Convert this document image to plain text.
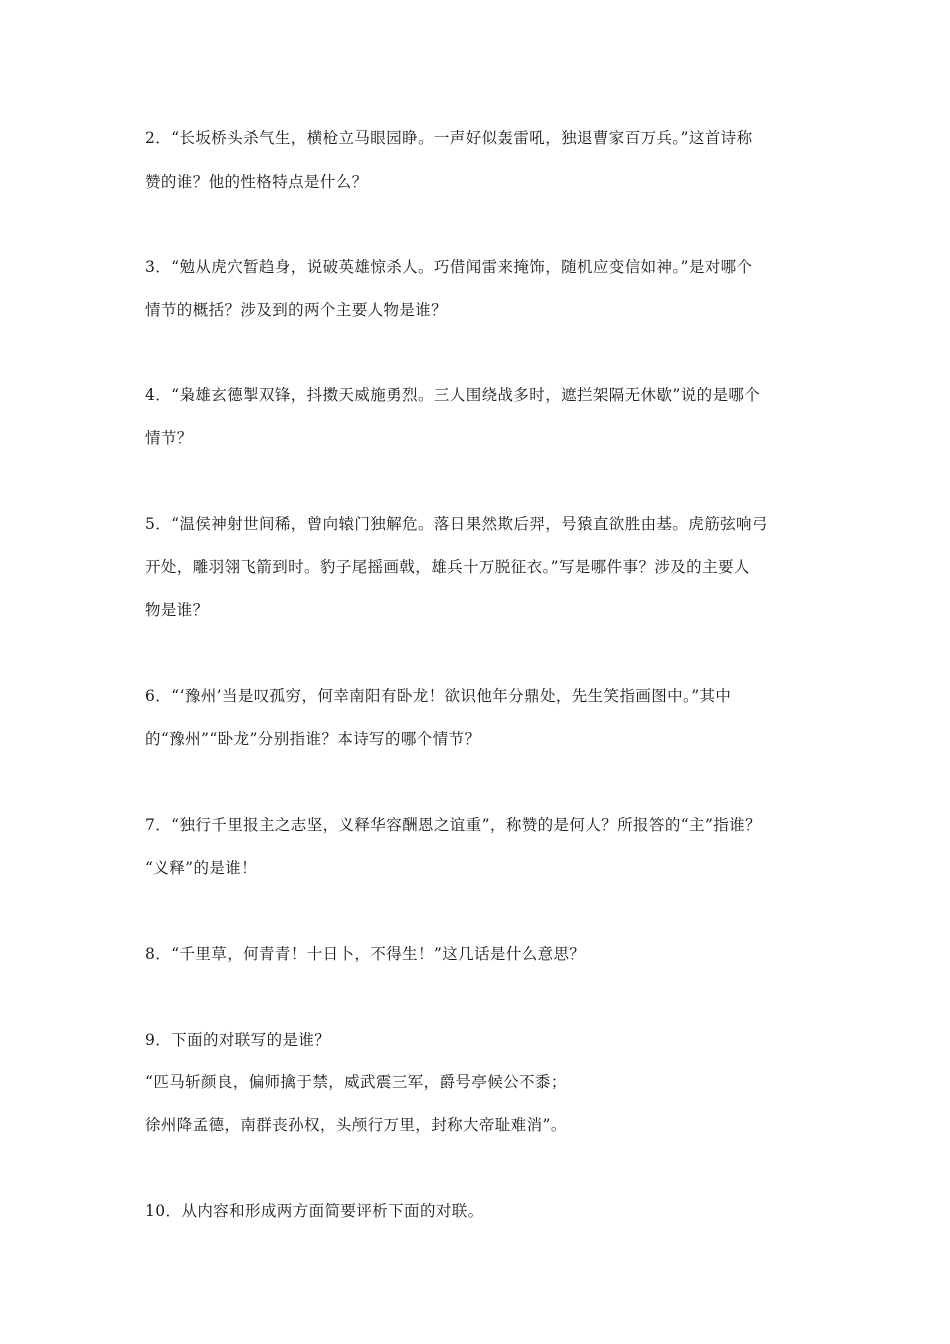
2．“长坂桥头杀气生，横枪立马眼园睁。一声好似轰雷吼，独退曹家百万兵。”这首诗称
赞的谁？他的性格特点是什么？
3．“勉从虎穴暂趋身，说破英雄惊杀人。巧借闻雷来掩饰，随机应变信如神。”是对哪个
情节的概括？涉及到的两个主要人物是谁？
4．“枭雄玄德掣双锋，抖擞天威施勇烈。三人围绕战多时，遮拦架隔无休歇”说的是哪个
情节？
5．“温侯神射世间稀，曾向辕门独解危。落日果然欺后羿，号猿直欲胜由基。虎筋弦响弓
开处，雕羽翎飞箭到时。豹子尾摇画戟，雄兵十万脱征衣。”写是哪件事？涉及的主要人
物是谁？
6．“‘豫州’当是叹孤穷，何幸南阳有卧龙！欲识他年分鼎处，先生笑指画图中。”其中
的“豫州”“卧龙”分别指谁？本诗写的哪个情节？
7．“独行千里报主之志坚，义释华容酬恩之谊重”，称赞的是何人？所报答的“主”指谁？
“义释”的是谁！
8．“千里草，何青青！十日卜，不得生！”这几话是什么意思？
9．下面的对联写的是谁？
“匹马斩颜良，偏师擒于禁，威武震三军，爵号亭候公不黍；
徐州降孟德，南群丧孙权，头颅行万里，封称大帝耻难消”。
10．从内容和形成两方面简要评析下面的对联。
